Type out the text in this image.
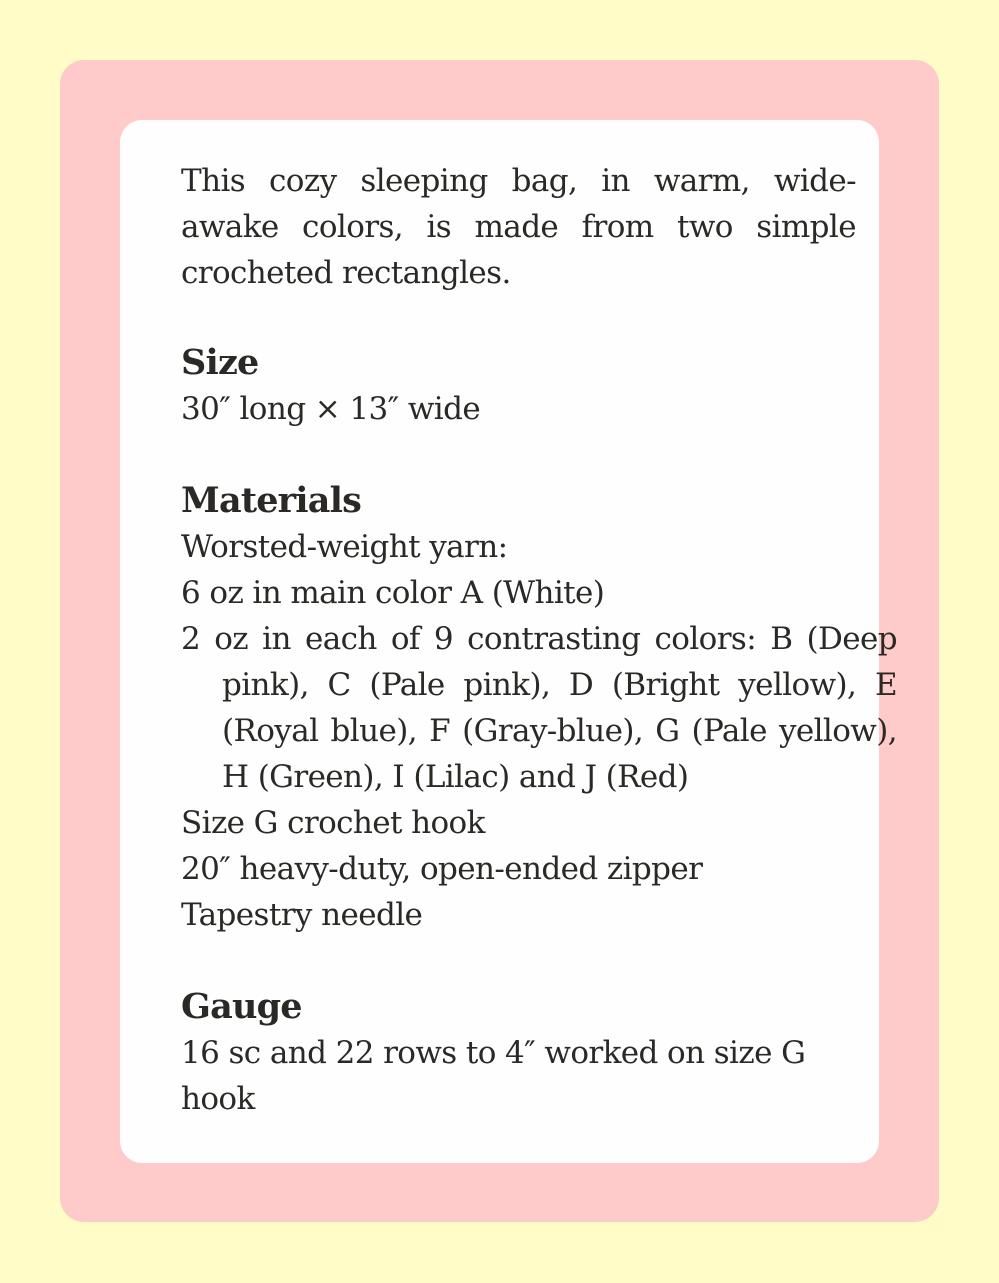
This cozy sleeping bag, in warm, wide-awake colors, is made from two simple crocheted rectangles.

Size
30″ long × 13″ wide
Materials
Worsted-weight yarn:
6 oz in main color A (White)
2 oz in each of 9 contrasting colors: B (Deep pink), C (Pale pink), D (Bright yellow), E (Royal blue), F (Gray-blue), G (Pale yellow), H (Green), I (Lilac) and J (Red)
Size G crochet hook
20″ heavy-duty, open-ended zipper
Tapestry needle
Gauge
16 sc and 22 rows to 4″ worked on size G hook
